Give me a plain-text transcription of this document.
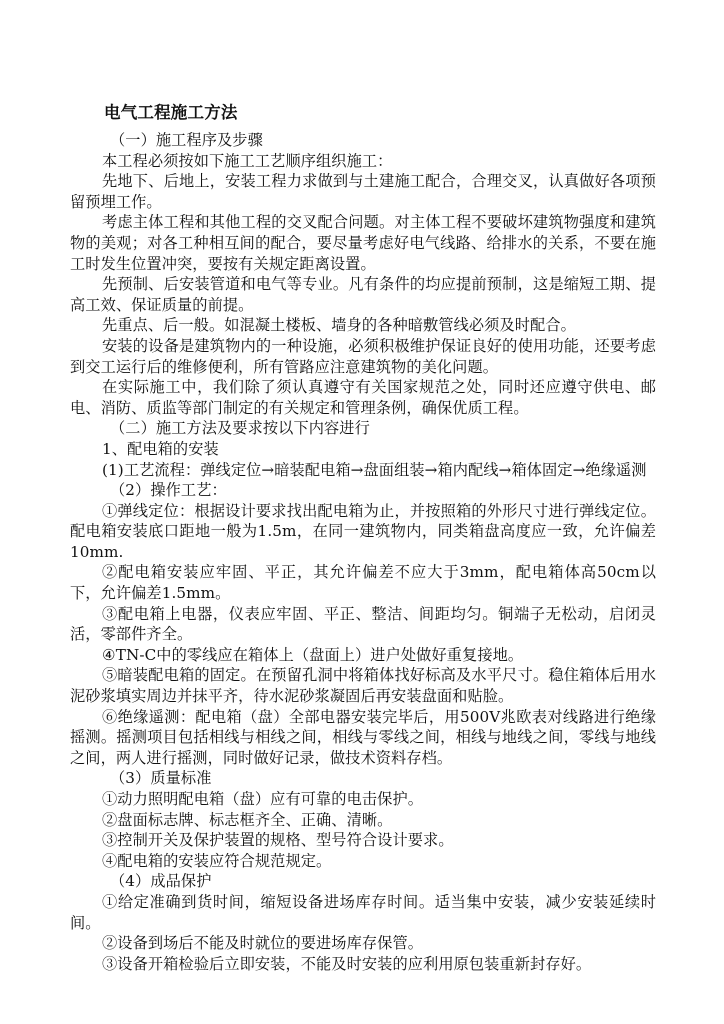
电气工程施工方法

（一）施工程序及步骤

本工程必须按如下施工工艺顺序组织施工：

先地下、后地上，安装工程力求做到与土建施工配合，合理交叉，认真做好各项预留预埋工作。

考虑主体工程和其他工程的交叉配合问题。对主体工程不要破坏建筑物强度和建筑物的美观；对各工种相互间的配合，要尽量考虑好电气线路、给排水的关系，不要在施工时发生位置冲突，要按有关规定距离设置。

先预制、后安装管道和电气等专业。凡有条件的均应提前预制，这是缩短工期、提高工效、保证质量的前提。

先重点、后一般。如混凝土楼板、墙身的各种暗敷管线必须及时配合。

安装的设备是建筑物内的一种设施，必须积极维护保证良好的使用功能，还要考虑到交工运行后的维修便利，所有管路应注意建筑物的美化问题。

在实际施工中，我们除了须认真遵守有关国家规范之处，同时还应遵守供电、邮电、消防、质监等部门制定的有关规定和管理条例，确保优质工程。

（二）施工方法及要求按以下内容进行

1、配电箱的安装

(1)工艺流程：弹线定位→暗装配电箱→盘面组装→箱内配线→箱体固定→绝缘遥测

（2）操作工艺：

①弹线定位：根据设计要求找出配电箱为止，并按照箱的外形尺寸进行弹线定位。配电箱安装底口距地一般为1.5m，在同一建筑物内，同类箱盘高度应一致，允许偏差10mm.

②配电箱安装应牢固、平正，其允许偏差不应大于3mm，配电箱体高50cm以下，允许偏差1.5mm。

③配电箱上电器，仪表应牢固、平正、整洁、间距均匀。铜端子无松动，启闭灵活，零部件齐全。

④TN-C中的零线应在箱体上（盘面上）进户处做好重复接地。

⑤暗装配电箱的固定。在预留孔洞中将箱体找好标高及水平尺寸。稳住箱体后用水泥砂浆填实周边并抹平齐，待水泥砂浆凝固后再安装盘面和贴脸。

⑥绝缘遥测：配电箱（盘）全部电器安装完毕后，用500V兆欧表对线路进行绝缘摇测。摇测项目包括相线与相线之间，相线与零线之间，相线与地线之间，零线与地线之间，两人进行摇测，同时做好记录，做技术资料存档。

（3）质量标准

①动力照明配电箱（盘）应有可靠的电击保护。

②盘面标志牌、标志框齐全、正确、清晰。

③控制开关及保护装置的规格、型号符合设计要求。

④配电箱的安装应符合规范规定。

（4）成品保护

①给定准确到货时间，缩短设备进场库存时间。适当集中安装，减少安装延续时间。

②设备到场后不能及时就位的要进场库存保管。

③设备开箱检验后立即安装，不能及时安装的应利用原包装重新封存好。
